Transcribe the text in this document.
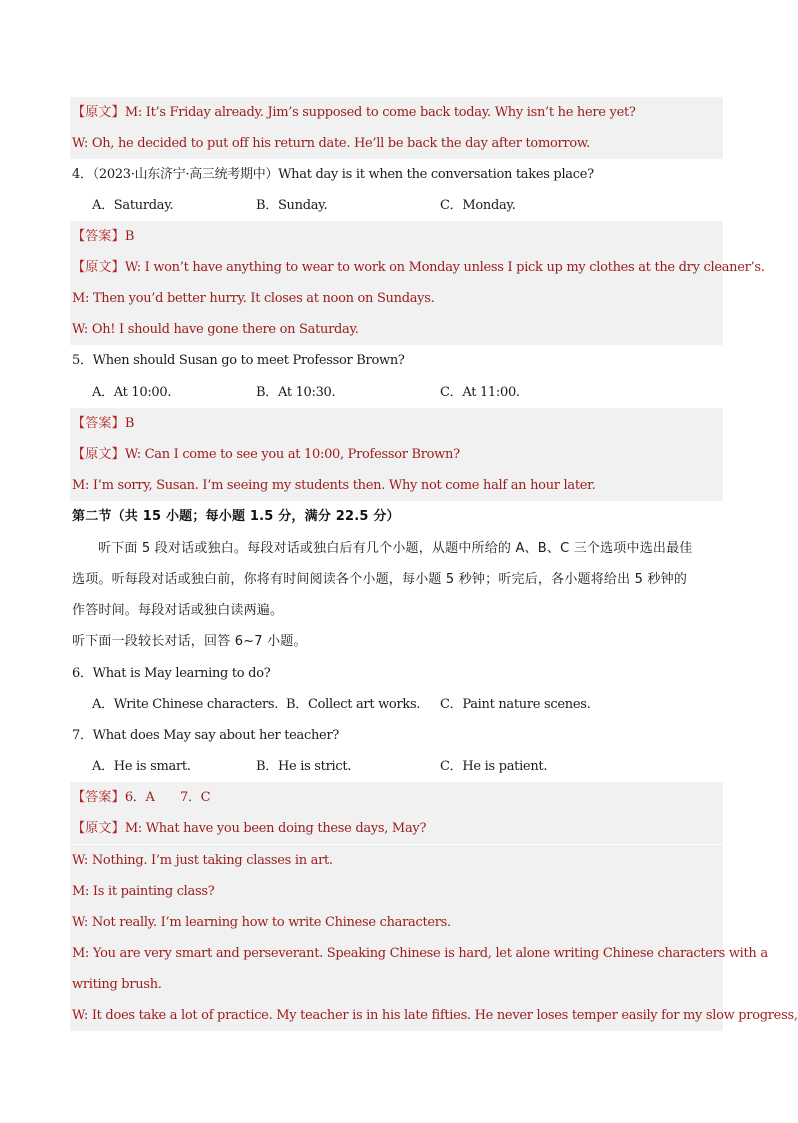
【原文】M: It’s Friday already. Jim’s supposed to come back today. Why isn’t he here yet?
W: Oh, he decided to put off his return date. He’ll be back the day after tomorrow.
4．（2023·山东济宁·高三统考期中）What day is it when the conversation takes place?
A．Saturday.	B．Sunday.	C．Monday.
【答案】B
【原文】W: I won’t have anything to wear to work on Monday unless I pick up my clothes at the dry cleaner’s.
M: Then you’d better hurry. It closes at noon on Sundays.
W: Oh! I should have gone there on Saturday.
5．When should Susan go to meet Professor Brown?
A．At 10:00.	B．At 10:30.	C．At 11:00.
【答案】B
【原文】W: Can I come to see you at 10:00, Professor Brown?
M: I’m sorry, Susan. I’m seeing my students then. Why not come half an hour later.
第二节（共 15 小题；每小题 1.5 分，满分 22.5 分）
听下面 5 段对话或独白。每段对话或独白后有几个小题，从题中所给的 A、B、C 三个选项中选出最佳
选项。听每段对话或独白前，你将有时间阅读各个小题，每小题 5 秒钟；听完后，各小题将给出 5 秒钟的
作答时间。每段对话或独白读两遍。
听下面一段较长对话，回答 6~7 小题。
6．What is May learning to do?
A．Write Chinese characters. B．Collect art works. C．Paint nature scenes.
7．What does May say about her teacher?
A．He is smart.	B．He is strict.	C．He is patient.
【答案】6．A　　7．C
【原文】M: What have you been doing these days, May?
W: Nothing. I’m just taking classes in art.
M: Is it painting class?
W: Not really. I’m learning how to write Chinese characters.
M: You are very smart and perseverant. Speaking Chinese is hard, let alone writing Chinese characters with a
writing brush.
W: It does take a lot of practice. My teacher is in his late fifties. He never loses temper easily for my slow progress,
